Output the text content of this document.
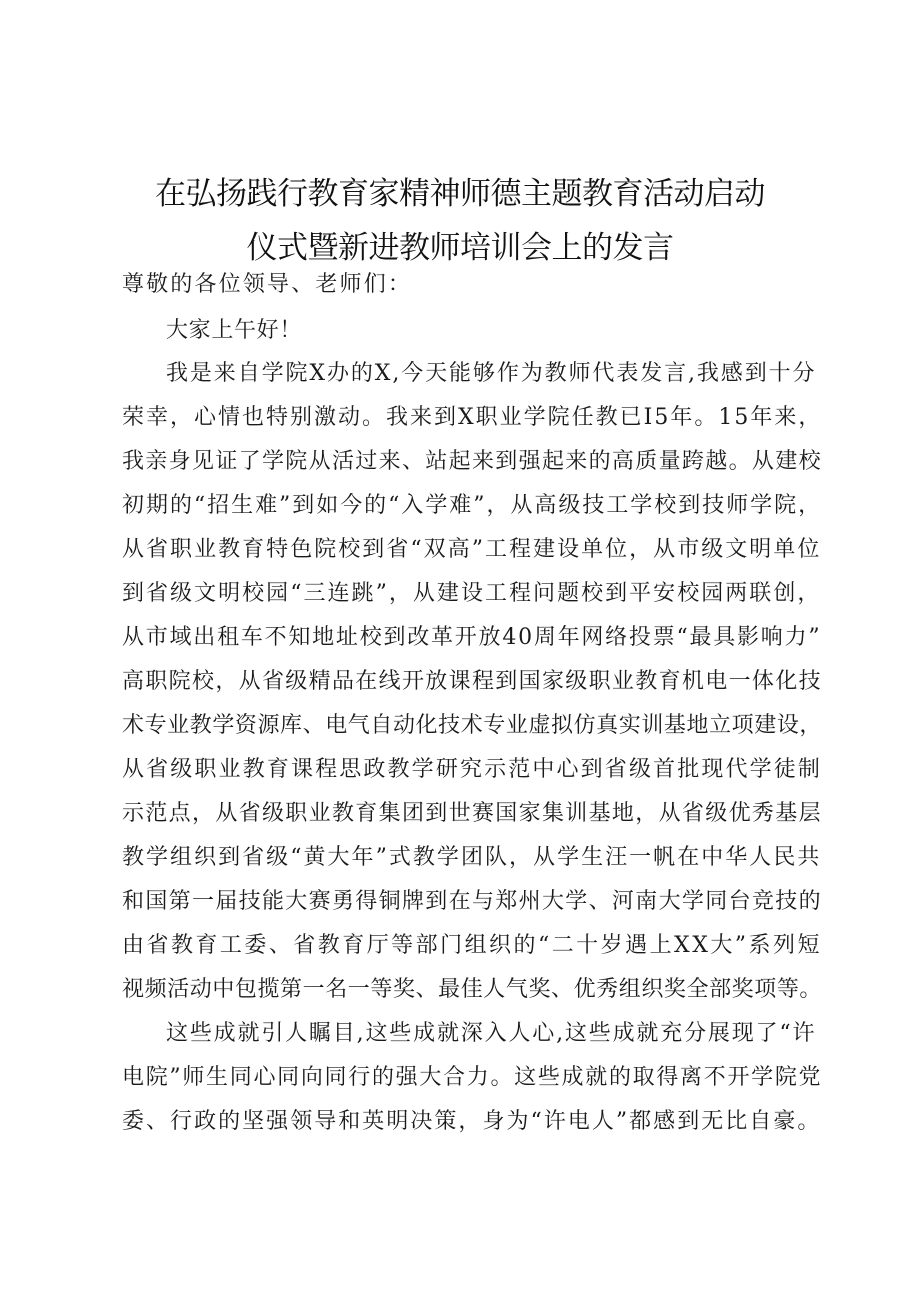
在弘扬践行教育家精神师德主题教育活动启动
仪式暨新进教师培训会上的发言
尊敬的各位领导、老师们：
大家上午好！
我是来自学院X办的X,今天能够作为教师代表发言,我感到十分
荣幸，心情也特别激动。我来到X职业学院任教已I5年。15年来，
我亲身见证了学院从活过来、站起来到强起来的高质量跨越。从建校
初期的“招生难”到如今的“入学难”，从高级技工学校到技师学院，
从省职业教育特色院校到省“双高”工程建设单位，从市级文明单位
到省级文明校园“三连跳”，从建设工程问题校到平安校园两联创，
从市域出租车不知地址校到改革开放40周年网络投票“最具影响力”
高职院校，从省级精品在线开放课程到国家级职业教育机电一体化技
术专业教学资源库、电气自动化技术专业虚拟仿真实训基地立项建设，
从省级职业教育课程思政教学研究示范中心到省级首批现代学徒制
示范点，从省级职业教育集团到世赛国家集训基地，从省级优秀基层
教学组织到省级“黄大年”式教学团队，从学生汪一帆在中华人民共
和国第一届技能大赛勇得铜牌到在与郑州大学、河南大学同台竞技的
由省教育工委、省教育厅等部门组织的“二十岁遇上XX大”系列短
视频活动中包揽第一名一等奖、最佳人气奖、优秀组织奖全部奖项等。
这些成就引人瞩目,这些成就深入人心,这些成就充分展现了“许
电院”师生同心同向同行的强大合力。这些成就的取得离不开学院党
委、行政的坚强领导和英明决策，身为“许电人”都感到无比自豪。
